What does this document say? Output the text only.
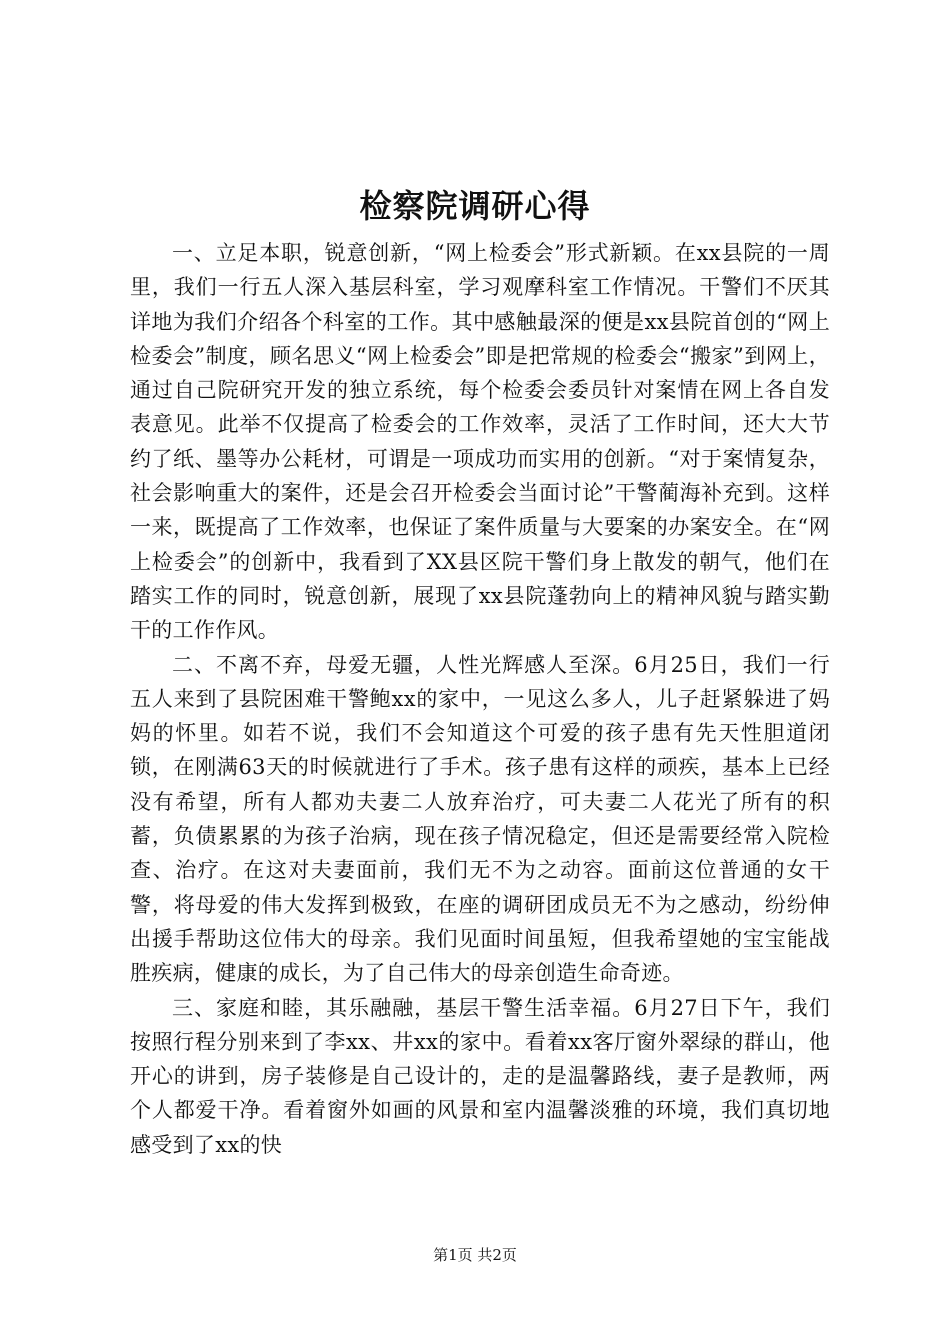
检察院调研心得

一、立足本职，锐意创新，“网上检委会”形式新颖。在xx县院的一周里，我们一行五人深入基层科室，学习观摩科室工作情况。干警们不厌其详地为我们介绍各个科室的工作。其中感触最深的便是xx县院首创的“网上检委会”制度，顾名思义“网上检委会”即是把常规的检委会“搬家”到网上，通过自己院研究开发的独立系统，每个检委会委员针对案情在网上各自发表意见。此举不仅提高了检委会的工作效率，灵活了工作时间，还大大节约了纸、墨等办公耗材，可谓是一项成功而实用的创新。“对于案情复杂，社会影响重大的案件，还是会召开检委会当面讨论”干警蔺海补充到。这样一来，既提高了工作效率，也保证了案件质量与大要案的办案安全。在“网上检委会”的创新中，我看到了XX县区院干警们身上散发的朝气，他们在踏实工作的同时，锐意创新，展现了xx县院蓬勃向上的精神风貌与踏实勤干的工作作风。

二、不离不弃，母爱无疆，人性光辉感人至深。6月25日，我们一行五人来到了县院困难干警鲍xx的家中，一见这么多人，儿子赶紧躲进了妈妈的怀里。如若不说，我们不会知道这个可爱的孩子患有先天性胆道闭锁，在刚满63天的时候就进行了手术。孩子患有这样的顽疾，基本上已经没有希望，所有人都劝夫妻二人放弃治疗，可夫妻二人花光了所有的积蓄，负债累累的为孩子治病，现在孩子情况稳定，但还是需要经常入院检查、治疗。在这对夫妻面前，我们无不为之动容。面前这位普通的女干警，将母爱的伟大发挥到极致，在座的调研团成员无不为之感动，纷纷伸出援手帮助这位伟大的母亲。我们见面时间虽短，但我希望她的宝宝能战胜疾病，健康的成长，为了自己伟大的母亲创造生命奇迹。

三、家庭和睦，其乐融融，基层干警生活幸福。6月27日下午，我们按照行程分别来到了李xx、井xx的家中。看着xx客厅窗外翠绿的群山，他开心的讲到，房子装修是自己设计的，走的是温馨路线，妻子是教师，两个人都爱干净。看着窗外如画的风景和室内温馨淡雅的环境，我们真切地感受到了xx的快

第1页 共2页
